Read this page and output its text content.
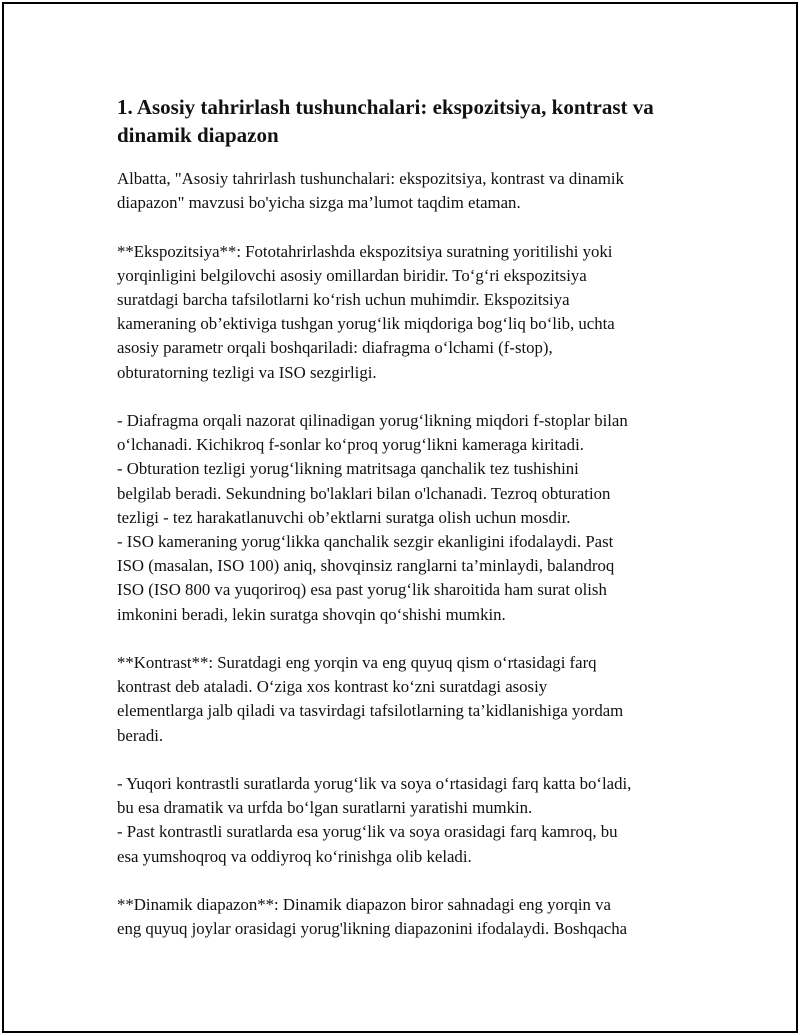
1. Asosiy tahrirlash tushunchalari: ekspozitsiya, kontrast va
dinamik diapazon
Albatta, "Asosiy tahrirlash tushunchalari: ekspozitsiya, kontrast va dinamik
diapazon" mavzusi bo'yicha sizga ma’lumot taqdim etaman.
**Ekspozitsiya**: Fototahrirlashda ekspozitsiya suratning yoritilishi yoki
yorqinligini belgilovchi asosiy omillardan biridir. To‘g‘ri ekspozitsiya
suratdagi barcha tafsilotlarni ko‘rish uchun muhimdir. Ekspozitsiya
kameraning ob’ektiviga tushgan yorug‘lik miqdoriga bog‘liq bo‘lib, uchta
asosiy parametr orqali boshqariladi: diafragma o‘lchami (f-stop),
obturatorning tezligi va ISO sezgirligi.
- Diafragma orqali nazorat qilinadigan yorug‘likning miqdori f-stoplar bilan
o‘lchanadi. Kichikroq f-sonlar ko‘proq yorug‘likni kameraga kiritadi.
- Obturation tezligi yorug‘likning matritsaga qanchalik tez tushishini
belgilab beradi. Sekundning bo'laklari bilan o'lchanadi. Tezroq obturation
tezligi - tez harakatlanuvchi ob’ektlarni suratga olish uchun mosdir.
- ISO kameraning yorug‘likka qanchalik sezgir ekanligini ifodalaydi. Past
ISO (masalan, ISO 100) aniq, shovqinsiz ranglarni ta’minlaydi, balandroq
ISO (ISO 800 va yuqoriroq) esa past yorug‘lik sharoitida ham surat olish
imkonini beradi, lekin suratga shovqin qo‘shishi mumkin.
**Kontrast**: Suratdagi eng yorqin va eng quyuq qism o‘rtasidagi farq
kontrast deb ataladi. O‘ziga xos kontrast ko‘zni suratdagi asosiy
elementlarga jalb qiladi va tasvirdagi tafsilotlarning ta’kidlanishiga yordam
beradi.
- Yuqori kontrastli suratlarda yorug‘lik va soya o‘rtasidagi farq katta bo‘ladi,
bu esa dramatik va urfda bo‘lgan suratlarni yaratishi mumkin.
- Past kontrastli suratlarda esa yorug‘lik va soya orasidagi farq kamroq, bu
esa yumshoqroq va oddiyroq ko‘rinishga olib keladi.
**Dinamik diapazon**: Dinamik diapazon biror sahnadagi eng yorqin va
eng quyuq joylar orasidagi yorug'likning diapazonini ifodalaydi. Boshqacha
